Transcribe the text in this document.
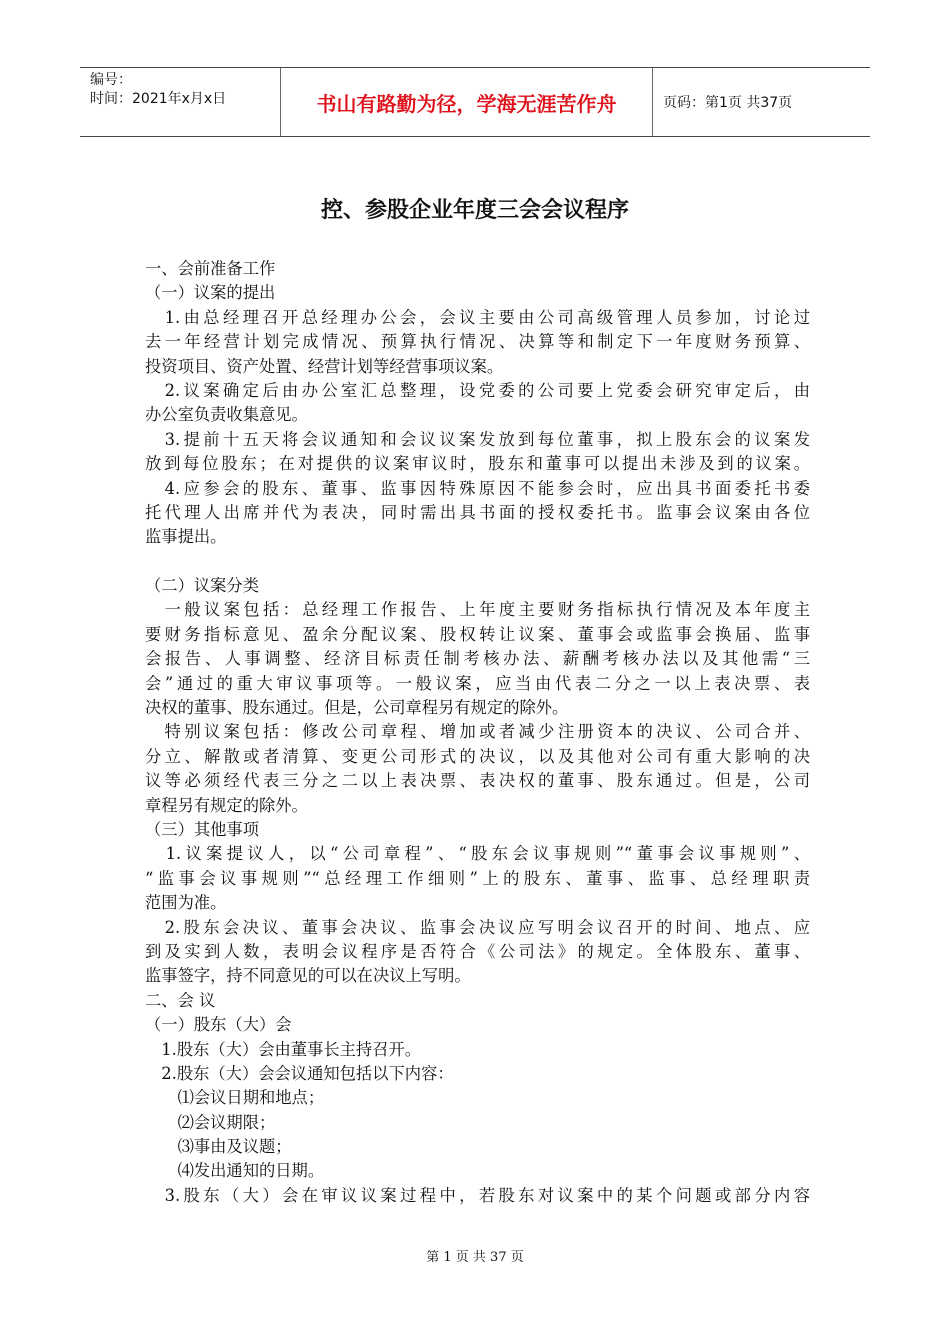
编号：
时间：2021年x月x日	书山有路勤为径，学海无涯苦作舟	页码：第1页 共37页
控、参股企业年度三会会议程序
一、会前准备工作
（一）议案的提出
　1.由总经理召开总经理办公会，会议主要由公司高级管理人员参加，讨论过
去一年经营计划完成情况、预算执行情况、决算等和制定下一年度财务预算、
投资项目、资产处置、经营计划等经营事项议案。
　2.议案确定后由办公室汇总整理，设党委的公司要上党委会研究审定后，由
办公室负责收集意见。
　3.提前十五天将会议通知和会议议案发放到每位董事，拟上股东会的议案发
放到每位股东；在对提供的议案审议时，股东和董事可以提出未涉及到的议案。
　4.应参会的股东、董事、监事因特殊原因不能参会时，应出具书面委托书委
托代理人出席并代为表决，同时需出具书面的授权委托书。监事会议案由各位
监事提出。
（二）议案分类
　一般议案包括：总经理工作报告、上年度主要财务指标执行情况及本年度主
要财务指标意见、盈余分配议案、股权转让议案、董事会或监事会换届、监事
会报告、人事调整、经济目标责任制考核办法、薪酬考核办法以及其他需“三
会”通过的重大审议事项等。一般议案，应当由代表二分之一以上表决票、表
决权的董事、股东通过。但是，公司章程另有规定的除外。
　特别议案包括：修改公司章程、增加或者减少注册资本的决议、公司合并、
分立、解散或者清算、变更公司形式的决议，以及其他对公司有重大影响的决
议等必须经代表三分之二以上表决票、表决权的董事、股东通过。但是，公司
章程另有规定的除外。
（三）其他事项
　1.议案提议人，以“公司章程”、“股东会议事规则”“董事会议事规则”、
“监事会议事规则”“总经理工作细则”上的股东、董事、监事、总经理职责
范围为准。
　2.股东会决议、董事会决议、监事会决议应写明会议召开的时间、地点、应
到及实到人数，表明会议程序是否符合《公司法》的规定。全体股东、董事、
监事签字，持不同意见的可以在决议上写明。
二、会 议
（一）股东（大）会
　1.股东（大）会由董事长主持召开。
　2.股东（大）会会议通知包括以下内容：
　　⑴会议日期和地点；
　　⑵会议期限；
　　⑶事由及议题；
　　⑷发出通知的日期。
　3.股东（大）会在审议议案过程中，若股东对议案中的某个问题或部分内容
第 1 页 共 37 页
